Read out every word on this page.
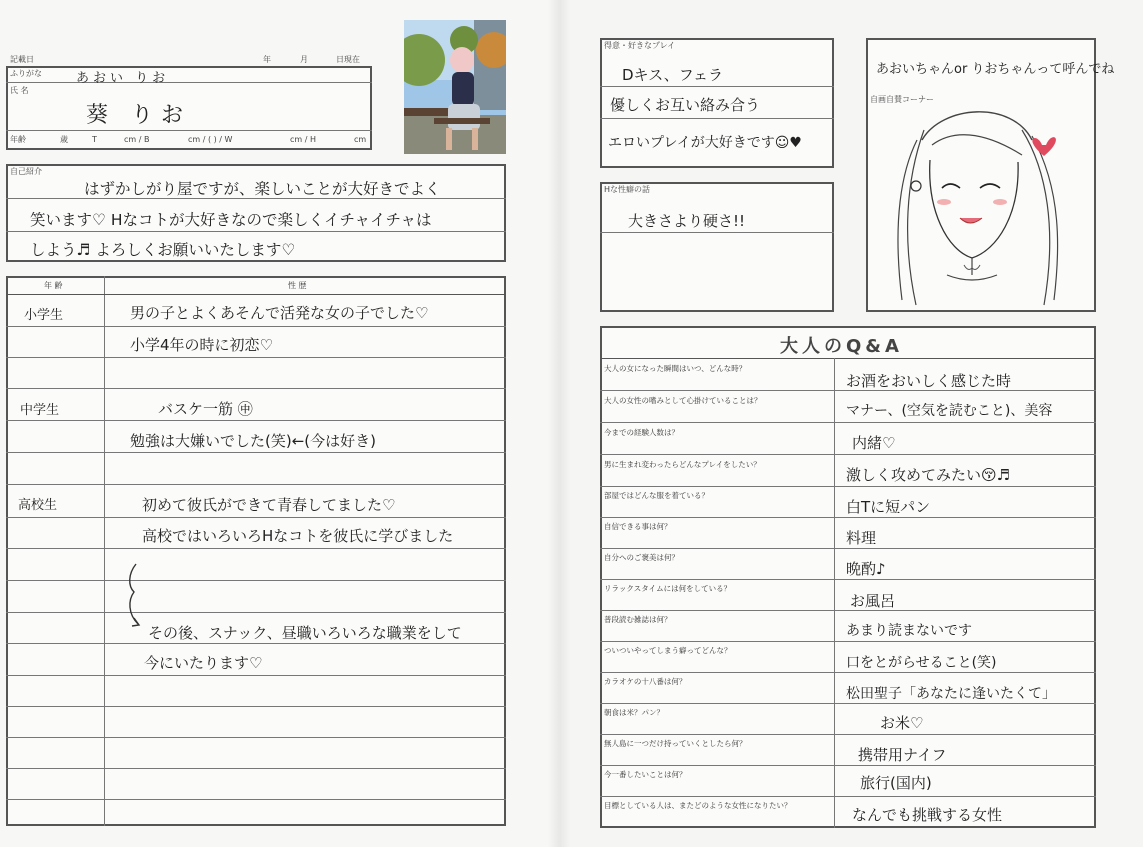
記載日	年	月	日現在
ふりがな	あおい りお
氏 名
葵 りお
年齢	歳	T	cm / B	cm / ( ) / W	cm / H	cm
自己紹介
はずかしがり屋ですが、楽しいことが大好きでよく
笑います♡ Hなコトが大好きなので楽しくイチャイチャは
しよう♬ よろしくお願いいたします♡
年 齢	性 歴
小学生	男の子とよくあそんで活発な女の子でした♡
小学4年の時に初恋♡
中学生	バスケ一筋 ㊥
勉強は大嫌いでした(笑)←(今は好き)
高校生	初めて彼氏ができて青春してました♡
高校ではいろいろHなコトを彼氏に学びました
その後、スナック、昼職いろいろな職業をして
今にいたります♡
得意・好きなプレイ
Dキス、フェラ
優しくお互い絡み合う
エロいプレイが大好きです☺♥
Hな性癖の話
大きさより硬さ!!
あおいちゃんor りおちゃんって呼んでね
自画自賛コーナー
大人のQ&A
大人の女になった瞬間はいつ、どんな時？
お酒をおいしく感じた時
大人の女性の嗜みとして心掛けていることは？
マナー、(空気を読むこと)、美容
今までの経験人数は？
内緒♡
男に生まれ変わったらどんなプレイをしたい？
激しく攻めてみたい😚♬
部屋ではどんな服を着ている？
白Tに短パン
自信できる事は何？
料理
自分へのご褒美は何？
晩酌♪
リラックスタイムには何をしている？
お風呂
普段読む雑誌は何？
あまり読まないです
ついついやってしまう癖ってどんな？
口をとがらせること(笑)
カラオケの十八番は何？
松田聖子「あなたに逢いたくて」
朝食は米？パン？
お米♡
無人島に一つだけ持っていくとしたら何？
携帯用ナイフ
今一番したいことは何？	旅行(国内)
目標としている人は、またどのような女性になりたい？
なんでも挑戦する女性
